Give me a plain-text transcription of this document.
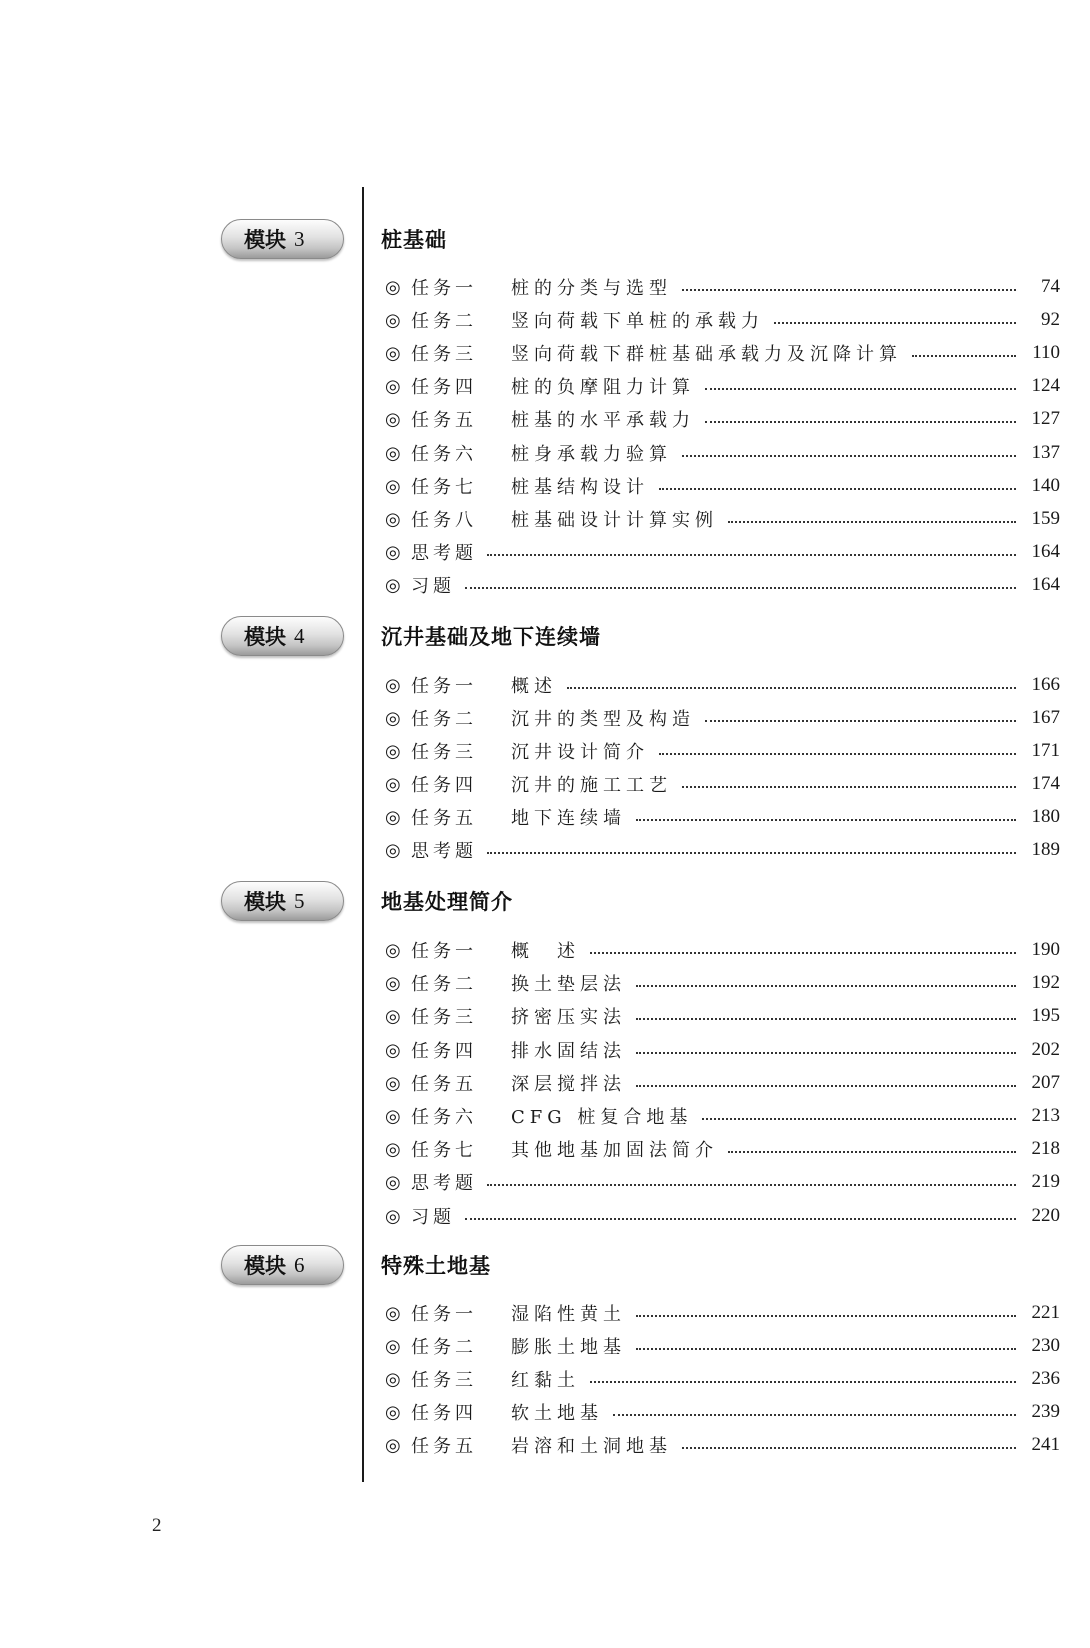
2
模块 3	桩基础
◎ 任务一	桩的分类与选型	74
◎ 任务二	竖向荷载下单桩的承载力	92
◎ 任务三	竖向荷载下群桩基础承载力及沉降计算	110
◎ 任务四	桩的负摩阻力计算	124
◎ 任务五	桩基的水平承载力	127
◎ 任务六	桩身承载力验算	137
◎ 任务七	桩基结构设计	140
◎ 任务八	桩基础设计计算实例	159
◎ 思考题	164
◎ 习题	164
模块 4	沉井基础及地下连续墙
◎ 任务一	概述	166
◎ 任务二	沉井的类型及构造	167
◎ 任务三	沉井设计简介	171
◎ 任务四	沉井的施工工艺	174
◎ 任务五	地下连续墙	180
◎ 思考题	189
模块 5	地基处理简介
◎ 任务一	概　述	190
◎ 任务二	换土垫层法	192
◎ 任务三	挤密压实法	195
◎ 任务四	排水固结法	202
◎ 任务五	深层搅拌法	207
◎ 任务六	CFG 桩复合地基	213
◎ 任务七	其他地基加固法简介	218
◎ 思考题	219
◎ 习题	220
模块 6	特殊土地基
◎ 任务一	湿陷性黄土	221
◎ 任务二	膨胀土地基	230
◎ 任务三	红黏土	236
◎ 任务四	软土地基	239
◎ 任务五	岩溶和土洞地基	241
